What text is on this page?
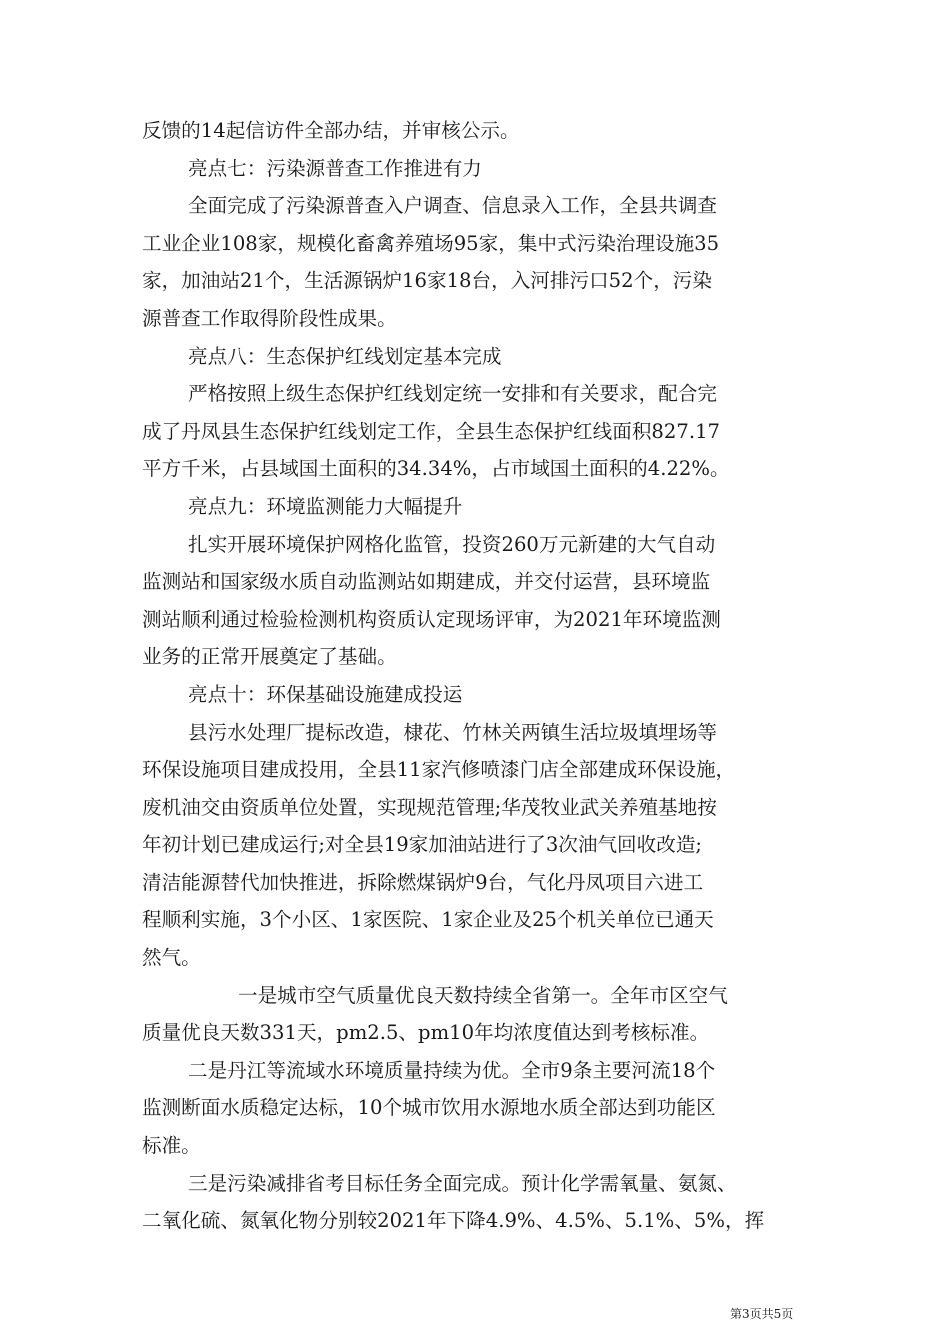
反馈的14起信访件全部办结，并审核公示。
亮点七：污染源普查工作推进有力
全面完成了污染源普查入户调查、信息录入工作，全县共调查
工业企业108家，规模化畜禽养殖场95家，集中式污染治理设施35
家，加油站21个，生活源锅炉16家18台，入河排污口52个，污染
源普查工作取得阶段性成果。
亮点八：生态保护红线划定基本完成
严格按照上级生态保护红线划定统一安排和有关要求，配合完
成了丹凤县生态保护红线划定工作，全县生态保护红线面积827.17
平方千米，占县域国土面积的34.34%，占市域国土面积的4.22%。
亮点九：环境监测能力大幅提升
扎实开展环境保护网格化监管，投资260万元新建的大气自动
监测站和国家级水质自动监测站如期建成，并交付运营，县环境监
测站顺利通过检验检测机构资质认定现场评审，为2021年环境监测
业务的正常开展奠定了基础。
亮点十：环保基础设施建成投运
县污水处理厂提标改造，棣花、竹林关两镇生活垃圾填埋场等
环保设施项目建成投用，全县11家汽修喷漆门店全部建成环保设施，
废机油交由资质单位处置，实现规范管理;华茂牧业武关养殖基地按
年初计划已建成运行;对全县19家加油站进行了3次油气回收改造;
清洁能源替代加快推进，拆除燃煤锅炉9台，气化丹凤项目六进工
程顺利实施，3个小区、1家医院、1家企业及25个机关单位已通天
然气。
一是城市空气质量优良天数持续全省第一。全年市区空气
质量优良天数331天，pm2.5、pm10年均浓度值达到考核标准。
二是丹江等流域水环境质量持续为优。全市9条主要河流18个
监测断面水质稳定达标，10个城市饮用水源地水质全部达到功能区
标准。
三是污染减排省考目标任务全面完成。预计化学需氧量、氨氮、
二氧化硫、氮氧化物分别较2021年下降4.9%、4.5%、5.1%、5%，挥
第3页共5页
